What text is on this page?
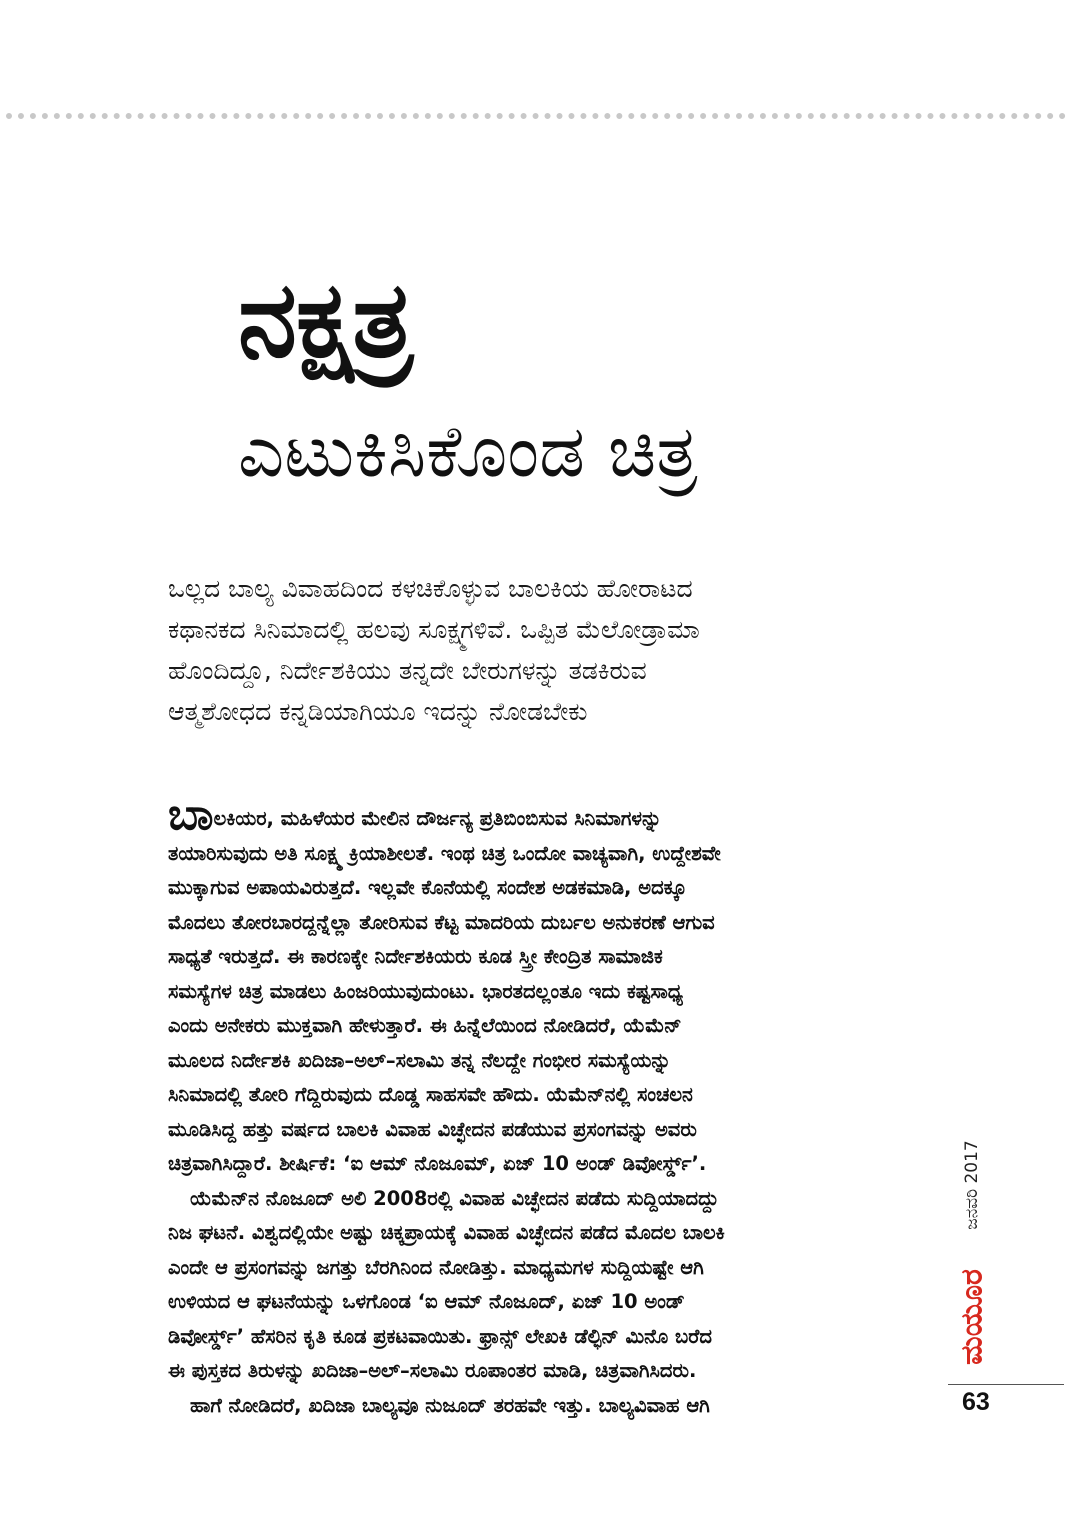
ನಕ್ಷತ್ರ
ಎಟುಕಿಸಿಕೊಂಡ ಚಿತ್ರ
ಒಲ್ಲದ ಬಾಲ್ಯ ವಿವಾಹದಿಂದ ಕಳಚಿಕೊಳ್ಳುವ ಬಾಲಕಿಯ ಹೋರಾಟದ
ಕಥಾನಕದ ಸಿನಿಮಾದಲ್ಲಿ ಹಲವು ಸೂಕ್ಷ್ಮಗಳಿವೆ. ಒಪ್ಪಿತ ಮೆಲೋಡ್ರಾಮಾ
ಹೊಂದಿದ್ದೂ, ನಿರ್ದೇಶಕಿಯು ತನ್ನದೇ ಬೇರುಗಳನ್ನು ತಡಕಿರುವ
ಆತ್ಮಶೋಧದ ಕನ್ನಡಿಯಾಗಿಯೂ ಇದನ್ನು ನೋಡಬೇಕು
ಬಾಲಕಿಯರ, ಮಹಿಳೆಯರ ಮೇಲಿನ ದೌರ್ಜನ್ಯ ಪ್ರತಿಬಿಂಬಿಸುವ ಸಿನಿಮಾಗಳನ್ನು
ತಯಾರಿಸುವುದು ಅತಿ ಸೂಕ್ಷ್ಮ ಕ್ರಿಯಾಶೀಲತೆ. ಇಂಥ ಚಿತ್ರ ಒಂದೋ ವಾಚ್ಯವಾಗಿ, ಉದ್ದೇಶವೇ
ಮುಕ್ಕಾಗುವ ಅಪಾಯವಿರುತ್ತದೆ. ಇಲ್ಲವೇ ಕೊನೆಯಲ್ಲಿ ಸಂದೇಶ ಅಡಕಮಾಡಿ, ಅದಕ್ಕೂ
ಮೊದಲು ತೋರಬಾರದ್ದನ್ನೆಲ್ಲಾ ತೋರಿಸುವ ಕೆಟ್ಟ ಮಾದರಿಯ ದುರ್ಬಲ ಅನುಕರಣೆ ಆಗುವ
ಸಾಧ್ಯತೆ ಇರುತ್ತದೆ. ಈ ಕಾರಣಕ್ಕೇ ನಿರ್ದೇಶಕಿಯರು ಕೂಡ ಸ್ತ್ರೀ ಕೇಂದ್ರಿತ ಸಾಮಾಜಿಕ
ಸಮಸ್ಯೆಗಳ ಚಿತ್ರ ಮಾಡಲು ಹಿಂಜರಿಯುವುದುಂಟು. ಭಾರತದಲ್ಲಂತೂ ಇದು ಕಷ್ಟಸಾಧ್ಯ
ಎಂದು ಅನೇಕರು ಮುಕ್ತವಾಗಿ ಹೇಳುತ್ತಾರೆ. ಈ ಹಿನ್ನೆಲೆಯಿಂದ ನೋಡಿದರೆ, ಯೆಮೆನ್
ಮೂಲದ ನಿರ್ದೇಶಕಿ ಖದಿಜಾ–ಅಲ್–ಸಲಾಮಿ ತನ್ನ ನೆಲದ್ದೇ ಗಂಭೀರ ಸಮಸ್ಯೆಯನ್ನು
ಸಿನಿಮಾದಲ್ಲಿ ತೋರಿ ಗೆದ್ದಿರುವುದು ದೊಡ್ಡ ಸಾಹಸವೇ ಹೌದು. ಯೆಮೆನ್‌ನಲ್ಲಿ ಸಂಚಲನ
ಮೂಡಿಸಿದ್ದ ಹತ್ತು ವರ್ಷದ ಬಾಲಕಿ ವಿವಾಹ ವಿಚ್ಛೇದನ ಪಡೆಯುವ ಪ್ರಸಂಗವನ್ನು ಅವರು
ಚಿತ್ರವಾಗಿಸಿದ್ದಾರೆ. ಶೀರ್ಷಿಕೆ: ‘ಐ ಆಮ್ ನೊಜೂಮ್, ಏಜ್ 10 ಅಂಡ್ ಡಿವೋರ್ಸ್ಡ್’.
ಯೆಮೆನ್‌ನ ನೊಜೂದ್ ಅಲಿ 2008ರಲ್ಲಿ ವಿವಾಹ ವಿಚ್ಛೇದನ ಪಡೆದು ಸುದ್ದಿಯಾದದ್ದು
ನಿಜ ಘಟನೆ. ವಿಶ್ವದಲ್ಲಿಯೇ ಅಷ್ಟು ಚಿಕ್ಕಪ್ರಾಯಕ್ಕೆ ವಿವಾಹ ವಿಚ್ಛೇದನ ಪಡೆದ ಮೊದಲ ಬಾಲಕಿ
ಎಂದೇ ಆ ಪ್ರಸಂಗವನ್ನು ಜಗತ್ತು ಬೆರಗಿನಿಂದ ನೋಡಿತ್ತು. ಮಾಧ್ಯಮಗಳ ಸುದ್ದಿಯಷ್ಟೇ ಆಗಿ
ಉಳಿಯದ ಆ ಘಟನೆಯನ್ನು ಒಳಗೊಂಡ ‘ಐ ಆಮ್ ನೊಜೂದ್, ಏಜ್ 10 ಅಂಡ್
ಡಿವೋರ್ಸ್ಡ್’ ಹೆಸರಿನ ಕೃತಿ ಕೂಡ ಪ್ರಕಟವಾಯಿತು. ಫ್ರಾನ್ಸ್ ಲೇಖಕಿ ಡೆಲ್ಫಿನ್ ಮಿನೊ ಬರೆದ
ಈ ಪುಸ್ತಕದ ತಿರುಳನ್ನು ಖದಿಜಾ–ಅಲ್–ಸಲಾಮಿ ರೂಪಾಂತರ ಮಾಡಿ, ಚಿತ್ರವಾಗಿಸಿದರು.
ಹಾಗೆ ನೋಡಿದರೆ, ಖದಿಜಾ ಬಾಲ್ಯವೂ ನುಜೂದ್ ತರಹವೇ ಇತ್ತು. ಬಾಲ್ಯವಿವಾಹ ಆಗಿ
ಜನವರಿ 2017
ಮಯೂರ
63
